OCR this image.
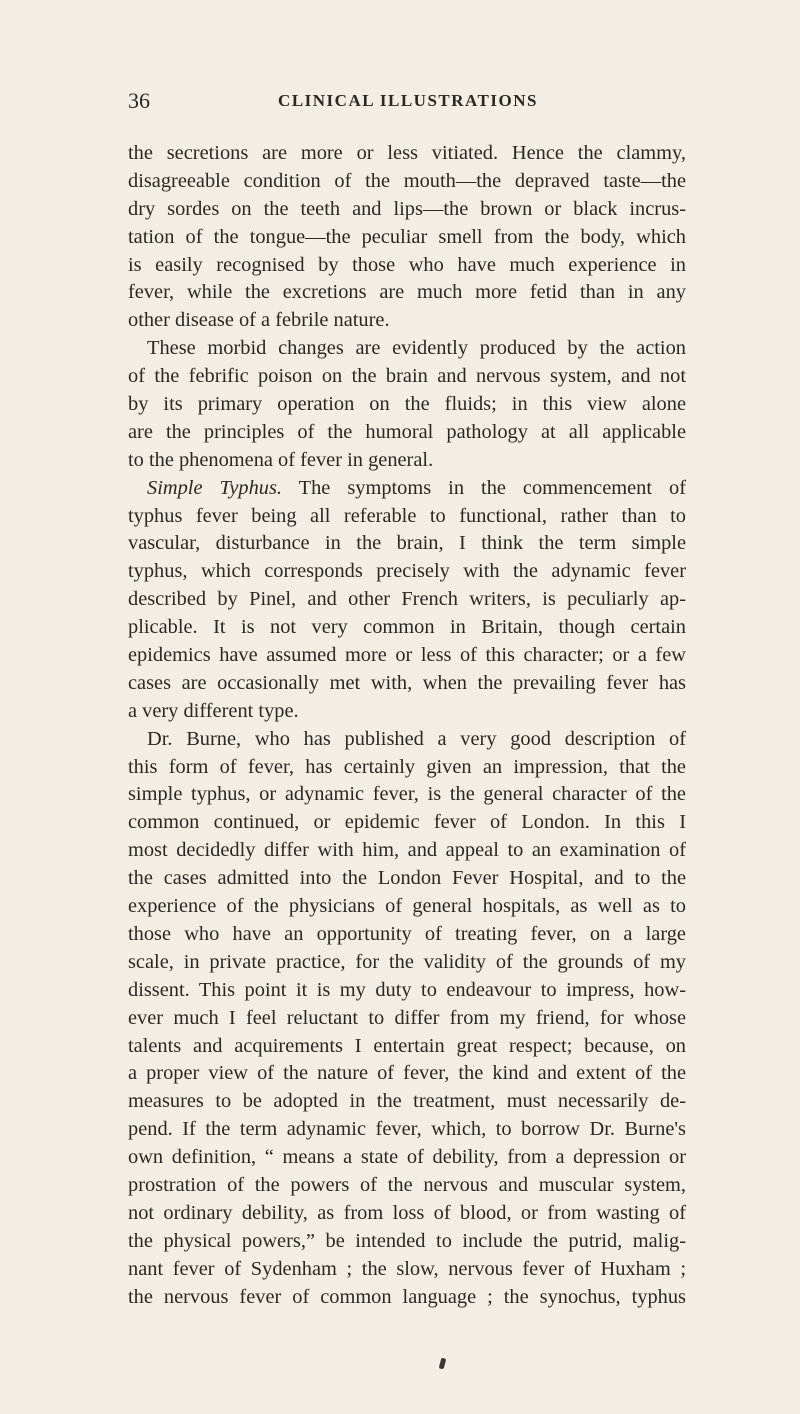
36	CLINICAL ILLUSTRATIONS
the secretions are more or less vitiated. Hence the clammy,
disagreeable condition of the mouth—the depraved taste—the
dry sordes on the teeth and lips—the brown or black incrus-
tation of the tongue—the peculiar smell from the body, which
is easily recognised by those who have much experience in
fever, while the excretions are much more fetid than in any
other disease of a febrile nature.
These morbid changes are evidently produced by the action
of the febrific poison on the brain and nervous system, and not
by its primary operation on the fluids; in this view alone
are the principles of the humoral pathology at all applicable
to the phenomena of fever in general.
Simple Typhus. The symptoms in the commencement of
typhus fever being all referable to functional, rather than to
vascular, disturbance in the brain, I think the term simple
typhus, which corresponds precisely with the adynamic fever
described by Pinel, and other French writers, is peculiarly ap-
plicable. It is not very common in Britain, though certain
epidemics have assumed more or less of this character; or a few
cases are occasionally met with, when the prevailing fever has
a very different type.
Dr. Burne, who has published a very good description of
this form of fever, has certainly given an impression, that the
simple typhus, or adynamic fever, is the general character of the
common continued, or epidemic fever of London. In this I
most decidedly differ with him, and appeal to an examination of
the cases admitted into the London Fever Hospital, and to the
experience of the physicians of general hospitals, as well as to
those who have an opportunity of treating fever, on a large
scale, in private practice, for the validity of the grounds of my
dissent. This point it is my duty to endeavour to impress, how-
ever much I feel reluctant to differ from my friend, for whose
talents and acquirements I entertain great respect; because, on
a proper view of the nature of fever, the kind and extent of the
measures to be adopted in the treatment, must necessarily de-
pend. If the term adynamic fever, which, to borrow Dr. Burne's
own definition, “ means a state of debility, from a depression or
prostration of the powers of the nervous and muscular system,
not ordinary debility, as from loss of blood, or from wasting of
the physical powers,” be intended to include the putrid, malig-
nant fever of Sydenham ; the slow, nervous fever of Huxham ;
the nervous fever of common language ; the synochus, typhus
